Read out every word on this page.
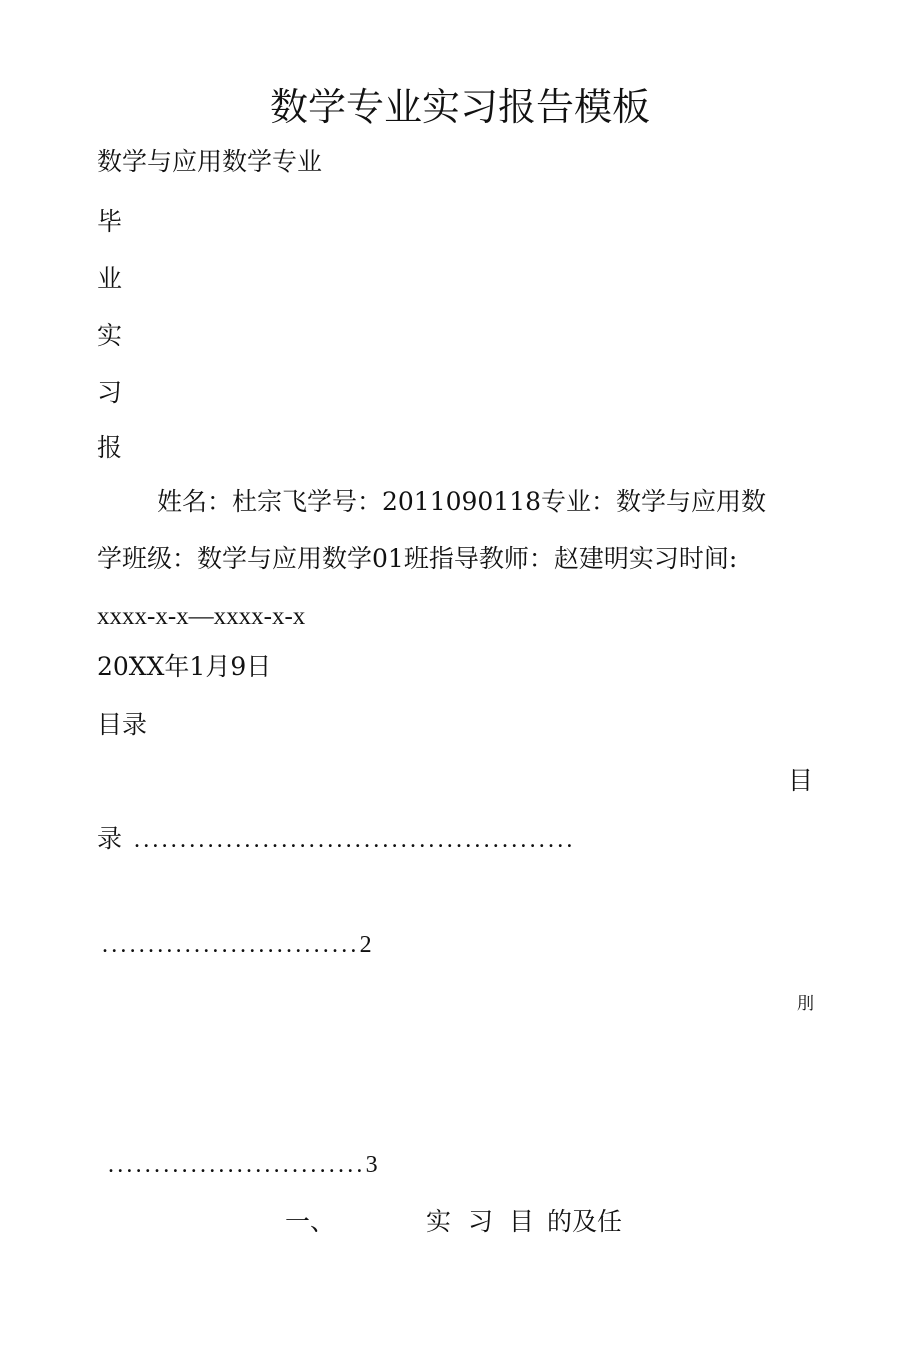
数学专业实习报告模板
数学与应用数学专业
毕
业
实
习
报
姓名：杜宗飞学号：2011090118专业：数学与应用数
学班级：数学与应用数学01班指导教师：赵建明实习时间:
xxxx-x-x—xxxx-x-x
20XX年1月9日
目录
目
录 ................................................
............................2
刖
............................3
一、	实 习 目 的及任
